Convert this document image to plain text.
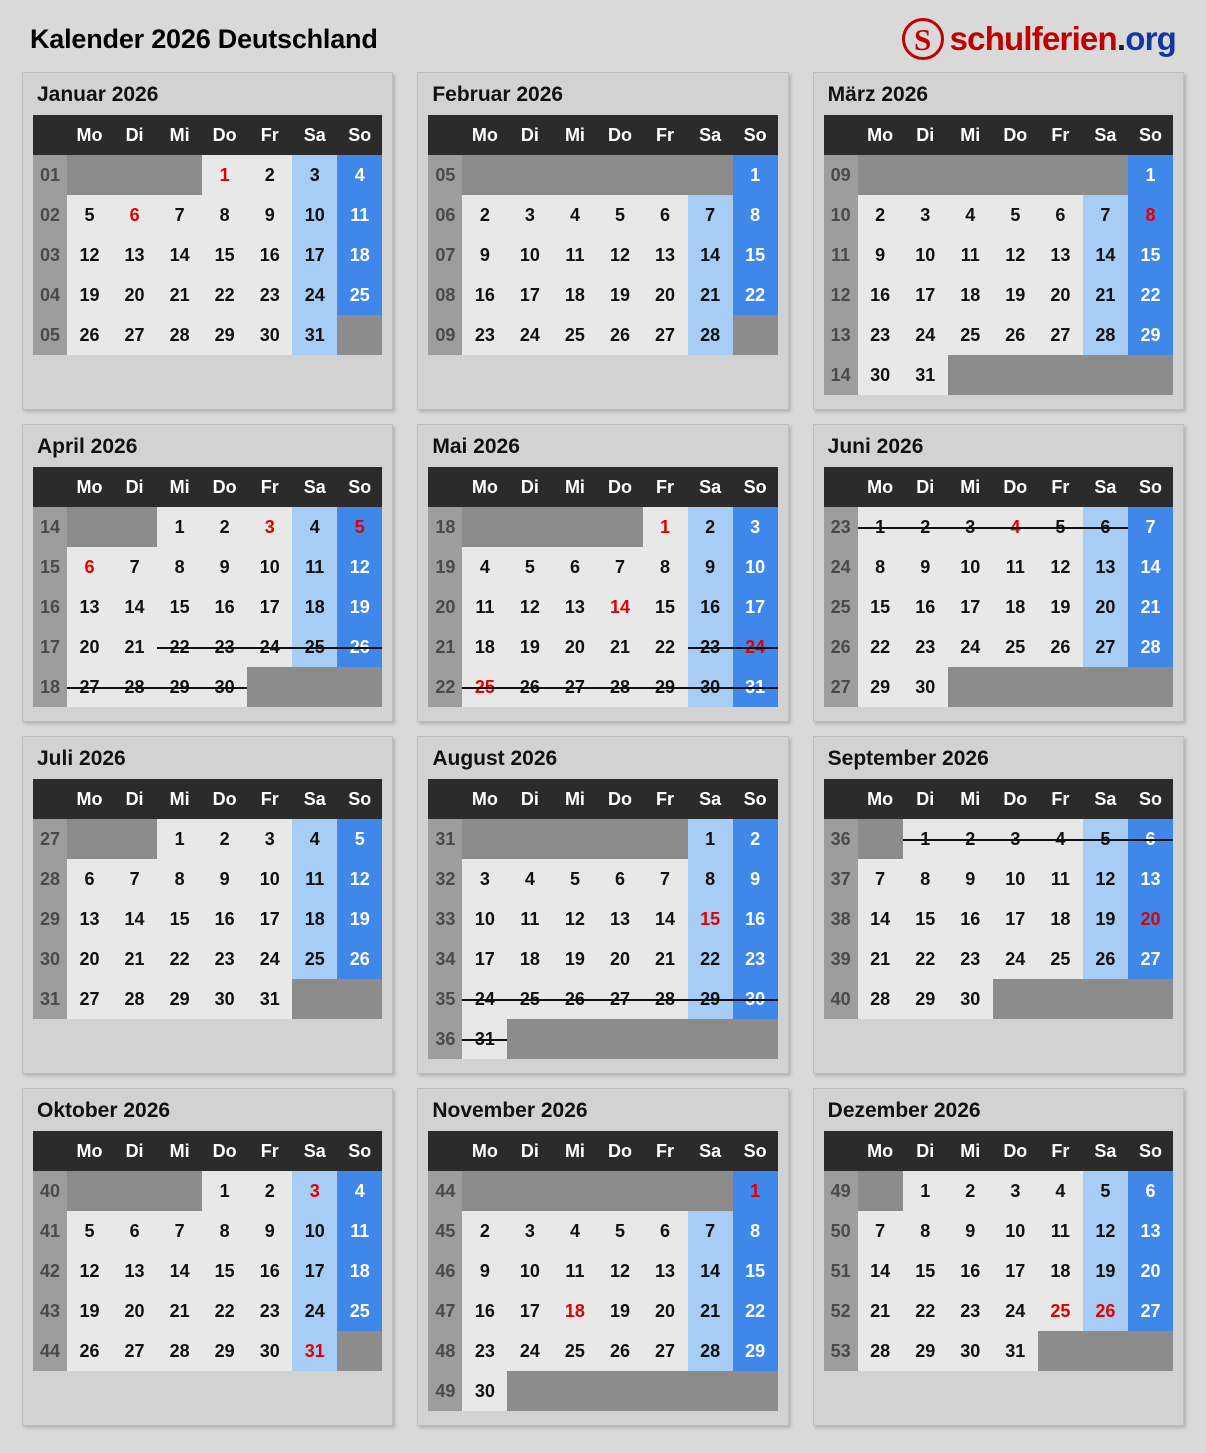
Kalender 2026 Deutschland	S schulferien.org
Januar 2026
	Mo	Di	Mi	Do	Fr	Sa	So
01				1	2	3	4
02	5	6	7	8	9	10	11
03	12	13	14	15	16	17	18
04	19	20	21	22	23	24	25
05	26	27	28	29	30	31	
Februar 2026
	Mo	Di	Mi	Do	Fr	Sa	So
05							1
06	2	3	4	5	6	7	8
07	9	10	11	12	13	14	15
08	16	17	18	19	20	21	22
09	23	24	25	26	27	28	
März 2026
	Mo	Di	Mi	Do	Fr	Sa	So
09							1
10	2	3	4	5	6	7	8
11	9	10	11	12	13	14	15
12	16	17	18	19	20	21	22
13	23	24	25	26	27	28	29
14	30	31					
April 2026
	Mo	Di	Mi	Do	Fr	Sa	So
14			1	2	3	4	5
15	6	7	8	9	10	11	12
16	13	14	15	16	17	18	19
17	20	21	22	23	24	25	26
18	27	28	29	30			
Mai 2026
	Mo	Di	Mi	Do	Fr	Sa	So
18					1	2	3
19	4	5	6	7	8	9	10
20	11	12	13	14	15	16	17
21	18	19	20	21	22	23	24
22	25	26	27	28	29	30	31
Juni 2026
	Mo	Di	Mi	Do	Fr	Sa	So
23	1	2	3	4	5	6	7
24	8	9	10	11	12	13	14
25	15	16	17	18	19	20	21
26	22	23	24	25	26	27	28
27	29	30					
Juli 2026
	Mo	Di	Mi	Do	Fr	Sa	So
27			1	2	3	4	5
28	6	7	8	9	10	11	12
29	13	14	15	16	17	18	19
30	20	21	22	23	24	25	26
31	27	28	29	30	31		
August 2026
	Mo	Di	Mi	Do	Fr	Sa	So
31						1	2
32	3	4	5	6	7	8	9
33	10	11	12	13	14	15	16
34	17	18	19	20	21	22	23
35	24	25	26	27	28	29	30
36	31						
September 2026
	Mo	Di	Mi	Do	Fr	Sa	So
36		1	2	3	4	5	6
37	7	8	9	10	11	12	13
38	14	15	16	17	18	19	20
39	21	22	23	24	25	26	27
40	28	29	30				
Oktober 2026
	Mo	Di	Mi	Do	Fr	Sa	So
40				1	2	3	4
41	5	6	7	8	9	10	11
42	12	13	14	15	16	17	18
43	19	20	21	22	23	24	25
44	26	27	28	29	30	31	
November 2026
	Mo	Di	Mi	Do	Fr	Sa	So
44							1
45	2	3	4	5	6	7	8
46	9	10	11	12	13	14	15
47	16	17	18	19	20	21	22
48	23	24	25	26	27	28	29
49	30						
Dezember 2026
	Mo	Di	Mi	Do	Fr	Sa	So
49		1	2	3	4	5	6
50	7	8	9	10	11	12	13
51	14	15	16	17	18	19	20
52	21	22	23	24	25	26	27
53	28	29	30	31			
